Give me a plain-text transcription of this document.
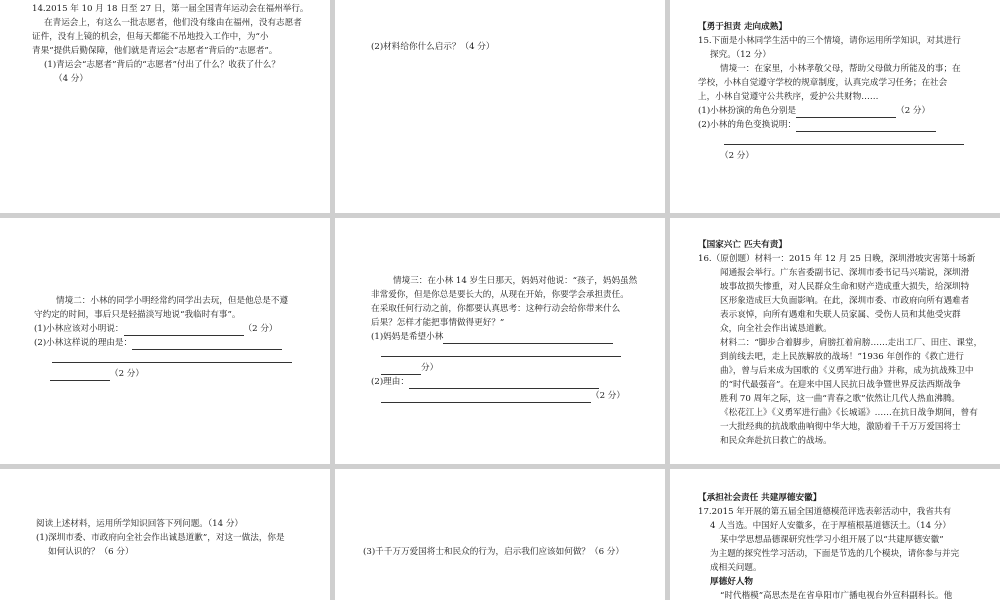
14.2015 年 10 月 18 日至 27 日，第一届全国青年运动会在福州举行。

在青运会上，有这么一批志愿者，他们没有缘由在福州，没有志愿者

证件，没有上镜的机会，但每天都能不吊地投入工作中，为“小

青果”提供后勤保障，他们就是青运会“志愿者”背后的“志愿者”。

(1)青运会“志愿者”背后的“志愿者”付出了什么？收获了什么？

（4 分）

(2)材料给你什么启示？（4 分）

【勇于担责 走向成熟】

15.下面是小林同学生活中的三个情境，请你运用所学知识，对其进行

探究。（12 分）

情境一：在家里，小林孝敬父母，帮助父母做力所能及的事；在

学校，小林自觉遵守学校的规章制度，认真完成学习任务；在社会

上，小林自觉遵守公共秩序，爱护公共财物……

(1)小林扮演的角色分别是	（2 分）

(2)小林的角色变换说明：

（2 分）

情境二：小林的同学小明经常约同学出去玩，但是他总是不遵

守约定的时间，事后只是轻描淡写地说“我临时有事”。

(1)小林应该对小明说：	（2 分）

(2)小林这样说的理由是：

（2 分）

情境三：在小林 14 岁生日那天，妈妈对他说：“孩子，妈妈虽然

非常爱你，但是你总是要长大的，从现在开始，你要学会承担责任。

在采取任何行动之前，你都要认真思考：这种行动会给你带来什么

后果？怎样才能把事情做得更好？”

(1)妈妈是希望小林

分）

(2)理由：

（2 分）

【国家兴亡 匹夫有责】

16.（原创题）材料一：2015 年 12 月 25 日晚，深圳滑坡灾害第十场新

闻通报会举行。广东省委副书记、深圳市委书记马兴瑞说，深圳滑

坡事故损失惨重，对人民群众生命和财产造成重大损失，给深圳特

区形象造成巨大负面影响。在此，深圳市委、市政府向所有遇难者

表示哀悼，向所有遇难和失联人员家属、受伤人员和其他受灾群

众，向全社会作出诚恳道歉。

材料二：“脚步合着脚步，肩膀扛着肩膀……走出工厂、田庄、课堂，

到前线去吧，走上民族解放的战场！”1936 年创作的《救亡进行

曲》，曾与后来成为国歌的《义勇军进行曲》并称，成为抗战殊卫中

的“时代最强音”。在迎来中国人民抗日战争暨世界反法西斯战争

胜利 70 周年之际，这一曲“青春之歌”依然让几代人热血沸腾。

《松花江上》《义勇军进行曲》《长城谣》……在抗日战争期间，曾有

一大批经典的抗战歌曲响彻中华大地，激励着千千万万爱国将士

和民众奔赴抗日救亡的战场。

阅读上述材料，运用所学知识回答下列问题。（14 分）

(1)深圳市委、市政府向全社会作出诚恳道歉”，对这一做法，你是

如何认识的？（6 分）	(3)千千万万爱国将士和民众的行为，启示我们应该如何做？（6 分）

【承担社会责任 共建厚德安徽】

17.2015 年开展的第五届全国道德模范评选表彰活动中，我省共有

4 人当选。中国好人安徽多，在于厚植根基道德沃土。（14 分）

某中学思想品德课研究性学习小组开展了以“共建厚德安徽”

为主题的探究性学习活动，下面是节选的几个模块，请你参与并完

成相关问题。

厚德好人物

“时代楷模”高思杰是在省阜阳市广播电视台外宣科副科长。他
